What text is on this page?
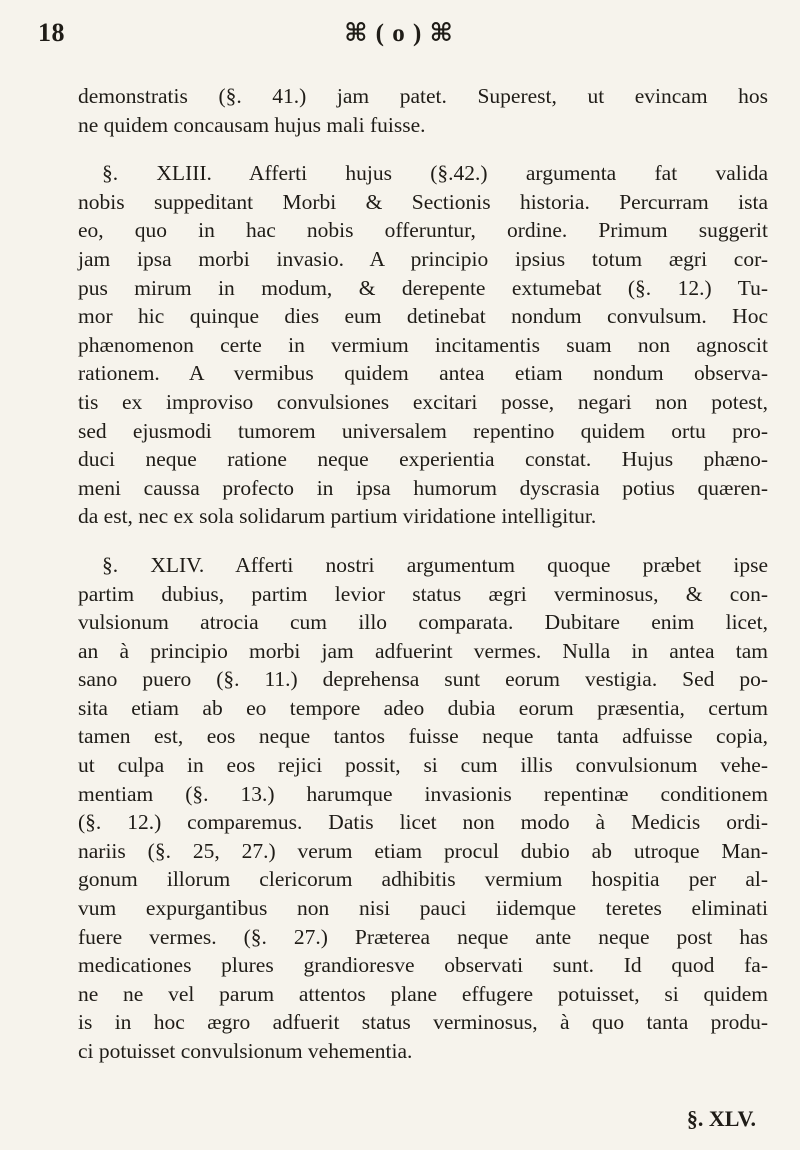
18	⌘ ( o ) ⌘
demonstratis (§. 41.) jam patet. Superest, ut evincam hos
ne quidem concausam hujus mali fuisse.
§. XLIII. Afferti hujus (§.42.) argumenta fat valida
nobis suppeditant Morbi & Sectionis historia. Percurram ista
eo, quo in hac nobis offeruntur, ordine. Primum suggerit
jam ipsa morbi invasio. A principio ipsius totum ægri cor-
pus mirum in modum, & derepente extumebat (§. 12.) Tu-
mor hic quinque dies eum detinebat nondum convulsum. Hoc
phænomenon certe in vermium incitamentis suam non agnoscit
rationem. A vermibus quidem antea etiam nondum observa-
tis ex improviso convulsiones excitari posse, negari non potest,
sed ejusmodi tumorem universalem repentino quidem ortu pro-
duci neque ratione neque experientia constat. Hujus phæno-
meni caussa profecto in ipsa humorum dyscrasia potius quæren-
da est, nec ex sola solidarum partium viridatione intelligitur.
§. XLIV. Afferti nostri argumentum quoque præbet ipse
partim dubius, partim levior status ægri verminosus, & con-
vulsionum atrocia cum illo comparata. Dubitare enim licet,
an à principio morbi jam adfuerint vermes. Nulla in antea tam
sano puero (§. 11.) deprehensa sunt eorum vestigia. Sed po-
sita etiam ab eo tempore adeo dubia eorum præsentia, certum
tamen est, eos neque tantos fuisse neque tanta adfuisse copia,
ut culpa in eos rejici possit, si cum illis convulsionum vehe-
mentiam (§. 13.) harumque invasionis repentinæ conditionem
(§. 12.) comparemus. Datis licet non modo à Medicis ordi-
nariis (§. 25, 27.) verum etiam procul dubio ab utroque Man-
gonum illorum clericorum adhibitis vermium hospitia per al-
vum expurgantibus non nisi pauci iidemque teretes eliminati
fuere vermes. (§. 27.) Præterea neque ante neque post has
medicationes plures grandioresve observati sunt. Id quod fa-
ne ne vel parum attentos plane effugere potuisset, si quidem
is in hoc ægro adfuerit status verminosus, à quo tanta produ-
ci potuisset convulsionum vehementia.
§. XLV.
